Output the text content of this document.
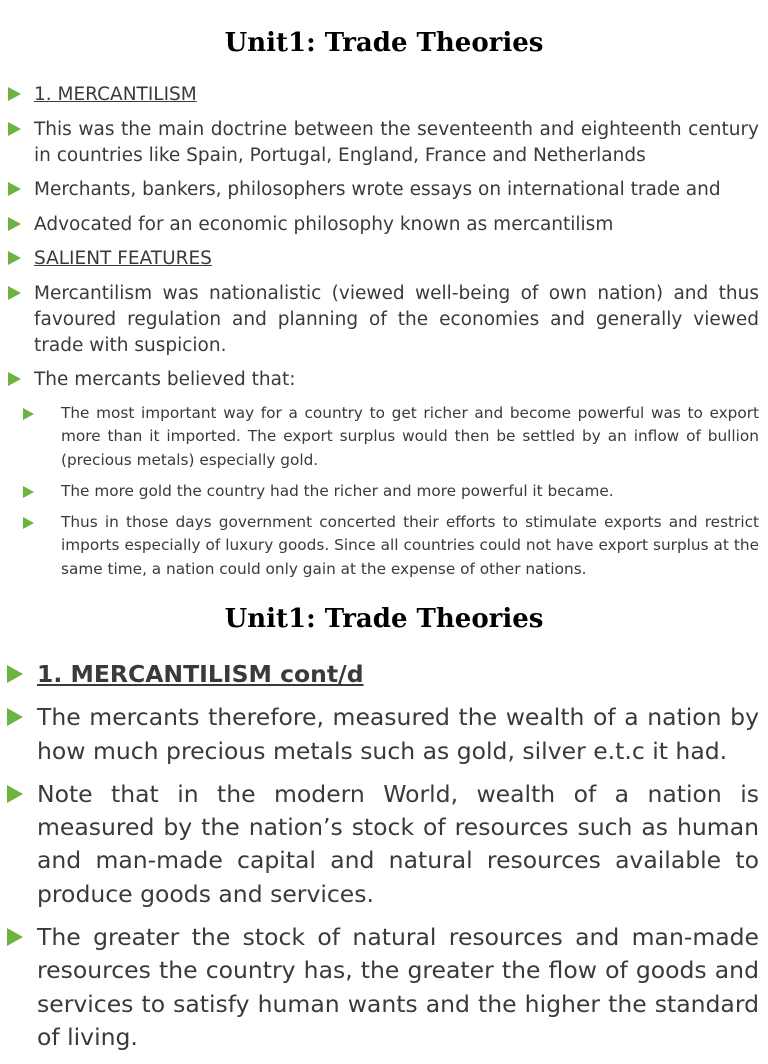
Unit1: Trade Theories
1. MERCANTILISM
This was the main doctrine between the seventeenth and eighteenth century in countries like Spain, Portugal, England, France and Netherlands
Merchants, bankers, philosophers wrote essays on international trade and
Advocated for an economic philosophy known as mercantilism
SALIENT FEATURES
Mercantilism was nationalistic (viewed well-being of own nation) and thus favoured regulation and planning of the economies and generally viewed trade with suspicion.
The mercants believed that:
The most important way for a country to get richer and become powerful was to export more than it imported. The export surplus would then be settled by an inflow of bullion (precious metals) especially gold.
The more gold the country had the richer and more powerful it became.
Thus in those days government concerted their efforts to stimulate exports and restrict imports especially of luxury goods. Since all countries could not have export surplus at the same time, a nation could only gain at the expense of other nations.
Unit1: Trade Theories
1. MERCANTILISM cont/d
The mercants therefore, measured the wealth of a nation by how much precious metals such as gold, silver e.t.c it had.
Note that in the modern World, wealth of a nation is measured by the nation’s stock of resources such as human and man-made capital and natural resources available to produce goods and services.
The greater the stock of natural resources and man-made resources the country has, the greater the flow of goods and services to satisfy human wants and the higher the standard of living.
